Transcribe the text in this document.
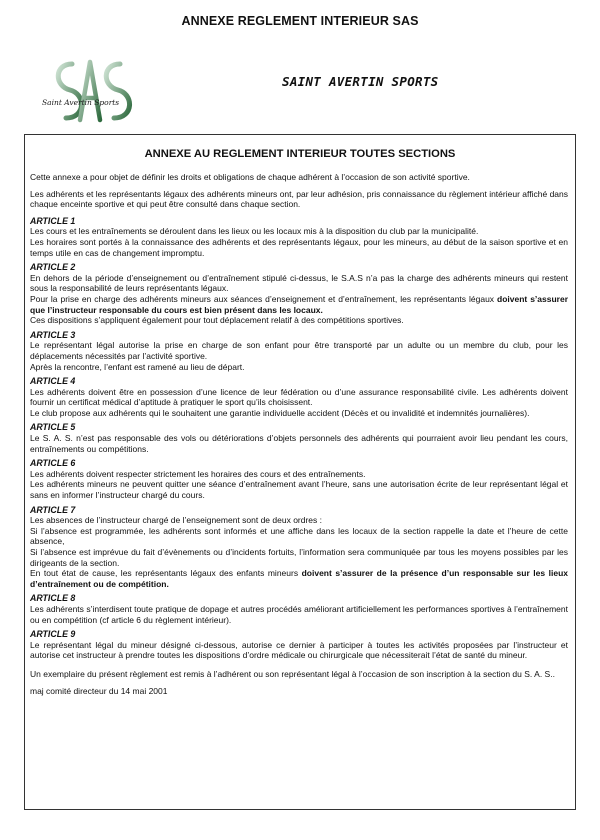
ANNEXE REGLEMENT INTERIEUR SAS
Saint Avertin Sports
SAINT AVERTIN SPORTS
ANNEXE AU REGLEMENT INTERIEUR TOUTES SECTIONS

Cette annexe a pour objet de définir les droits et obligations de chaque adhérent à l’occasion de son activité sportive.

Les adhérents et les représentants légaux des adhérents mineurs ont, par leur adhésion, pris connaissance du règlement intérieur affiché dans chaque enceinte sportive et qui peut être consulté dans chaque section.

ARTICLE 1
Les cours et les entraînements se déroulent dans les lieux ou les locaux mis à la disposition du club par la municipalité.
Les horaires sont portés à la connaissance des adhérents et des représentants légaux, pour les mineurs, au début de la saison sportive et en temps utile en cas de changement impromptu.
ARTICLE 2
En dehors de la période d’enseignement ou d’entraînement stipulé ci-dessus, le S.A.S n’a pas la charge des adhérents mineurs qui restent sous la responsabilité de leurs représentants légaux.
Pour la prise en charge des adhérents mineurs aux séances d’enseignement et d’entraînement, les représentants légaux doivent s’assurer que l’instructeur responsable du cours est bien présent dans les locaux.
Ces dispositions s’appliquent également pour tout déplacement relatif à des compétitions sportives.
ARTICLE 3
Le représentant légal autorise la prise en charge de son enfant pour être transporté par un adulte ou un membre du club, pour les déplacements nécessités par l’activité sportive.
Après la rencontre, l’enfant est ramené au lieu de départ.
ARTICLE 4
Les adhérents doivent être en possession d’une licence de leur fédération ou d’une assurance responsabilité civile. Les adhérents doivent fournir un certificat médical d’aptitude à pratiquer le sport qu’ils choisissent.
Le club propose aux adhérents qui le souhaitent une garantie individuelle accident (Décès et ou invalidité et indemnités journalières).
ARTICLE 5
Le S. A. S. n’est pas responsable des vols ou détériorations d’objets personnels des adhérents qui pourraient avoir lieu pendant les cours, entraînements ou compétitions.
ARTICLE 6
Les adhérents doivent respecter strictement les horaires des cours et des entraînements.
Les adhérents mineurs ne peuvent quitter une séance d’entraînement avant l’heure, sans une autorisation écrite de leur représentant légal et sans en informer l’instructeur chargé du cours.
ARTICLE 7
Les absences de l’instructeur chargé de l’enseignement sont de deux ordres :
Si l’absence est programmée, les adhérents sont informés et une affiche dans les locaux de la section rappelle la date et l’heure de cette absence,
Si l’absence est imprévue du fait d’évènements ou d’incidents fortuits, l’information sera communiquée par tous les moyens possibles par les dirigeants de la section.
En tout état de cause, les représentants légaux des enfants mineurs doivent s’assurer de la présence d’un responsable sur les lieux d’entraînement ou de compétition.
ARTICLE 8
Les adhérents s’interdisent toute pratique de dopage et autres procédés améliorant artificiellement les performances sportives à l’entraînement ou en compétition (cf article 6 du règlement intérieur).
ARTICLE 9
Le représentant légal du mineur désigné ci-dessous, autorise ce dernier à participer à toutes les activités proposées par l’instructeur et autorise cet instructeur à prendre toutes les dispositions d’ordre médicale ou chirurgicale que nécessiterait l’état de santé du mineur.

Un exemplaire du présent règlement est remis à l’adhérent ou son représentant légal à l’occasion de son inscription à la section du S. A. S..

maj comité directeur du 14 mai 2001
